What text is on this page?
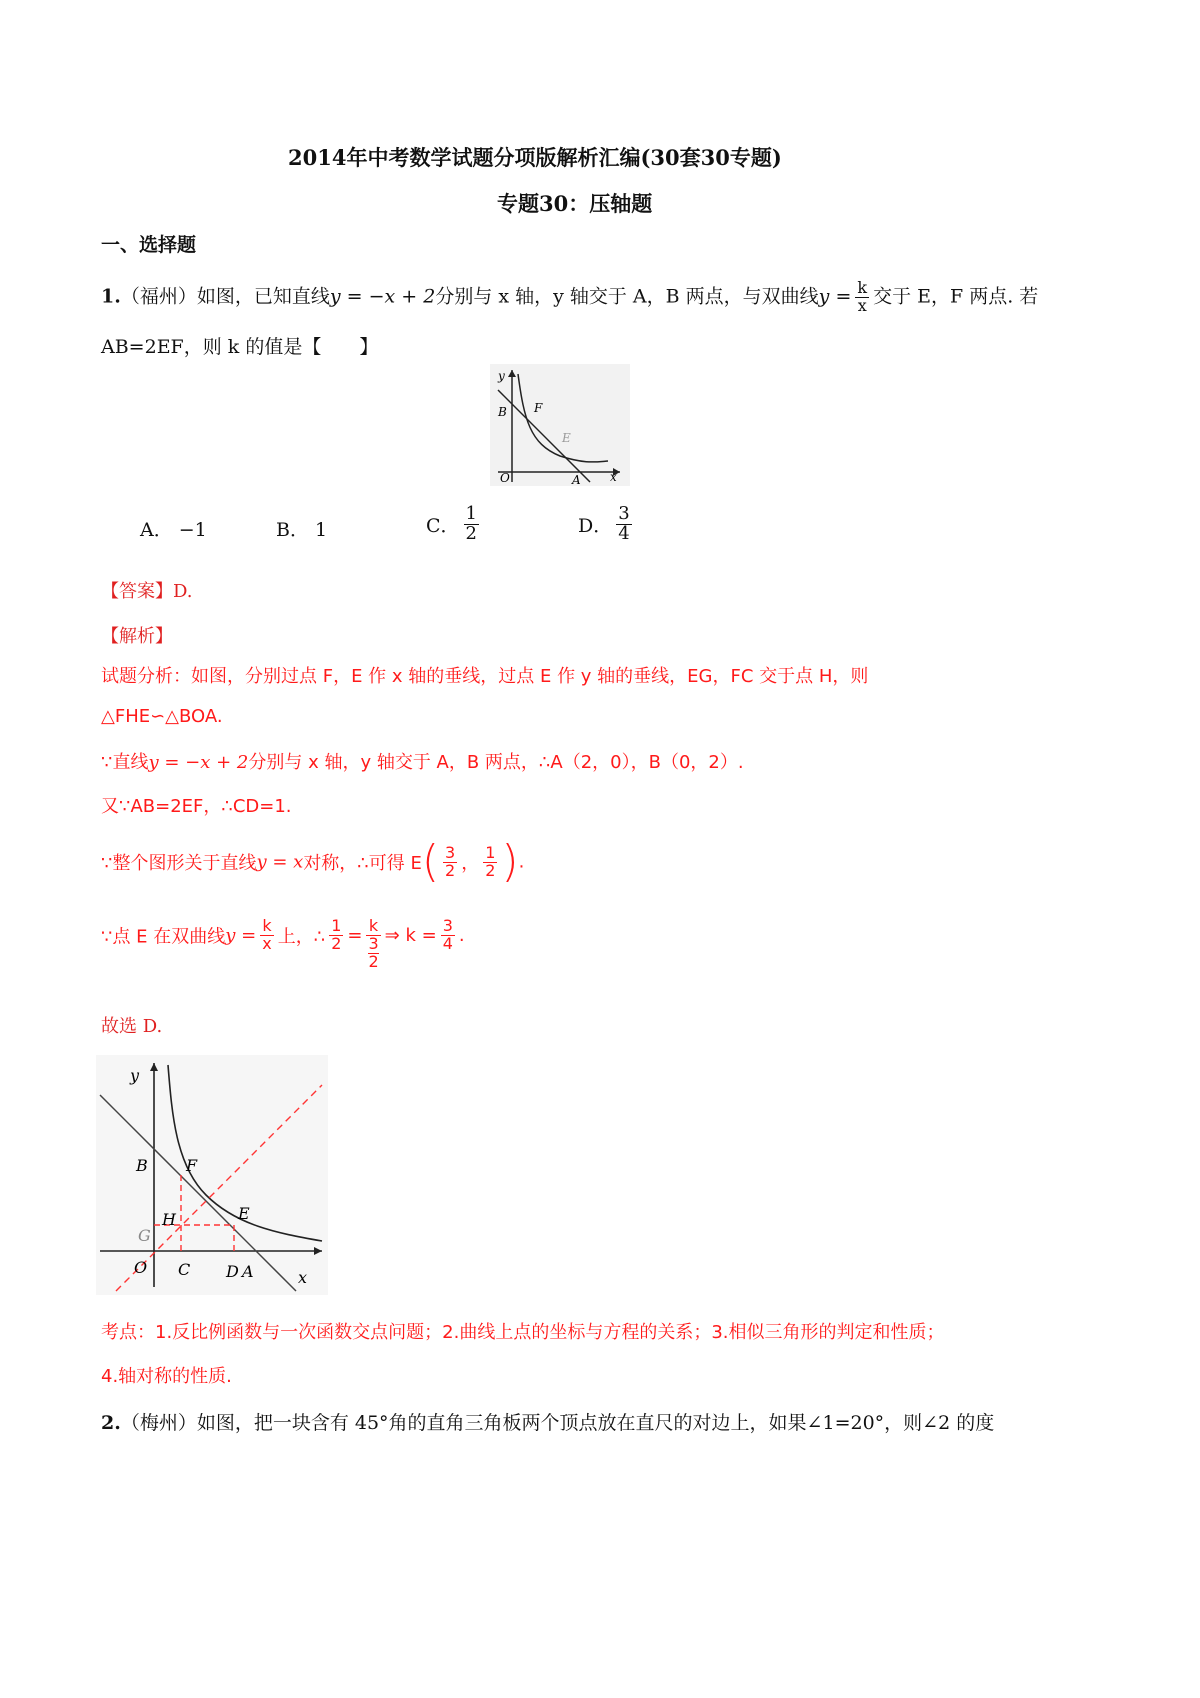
2014年中考数学试题分项版解析汇编(30套30专题)
专题30：压轴题
一、选择题
1.（福州）如图，已知直线y = −x + 2分别与 x 轴，y 轴交于 A，B 两点，与双曲线$y = \frac{k}{x}$ 交于 E，F 两点. 若
AB=2EF，则 k 的值是【　　】
y
x
O	A
B
E
F
A． −1	B． 1	C． $\frac{1}{2}$	D． $\frac{3}{4}$
【答案】D.
【解析】
试题分析：如图，分别过点 F，E 作 x 轴的垂线，过点 E 作 y 轴的垂线，EG，FC 交于点 H，则
△FHE∽△BOA.
∵直线y = −x + 2分别与 x 轴，y 轴交于 A，B 两点，∴A（2，0），B（0，2）.
又∵AB=2EF，∴CD=1.
∵整个图形关于直线y = x对称，∴可得 $E( \frac{3}{2}$ ， $\frac{1}{2}$ ).
∵点 E 在双曲线$y = \frac{k}{x}$ 上，∴ $\frac{1}{2} = k$
3
2 ⇒ $k = \frac{3}{4}$ .
故选 D.
y
x
O	A
B
C D
E
F
G
H
考点：1.反比例函数与一次函数交点问题；2.曲线上点的坐标与方程的关系；3.相似三角形的判定和性质；
4.轴对称的性质.
2.（梅州）如图，把一块含有 45°角的直角三角板两个顶点放在直尺的对边上，如果∠1=20°，则∠2 的度
